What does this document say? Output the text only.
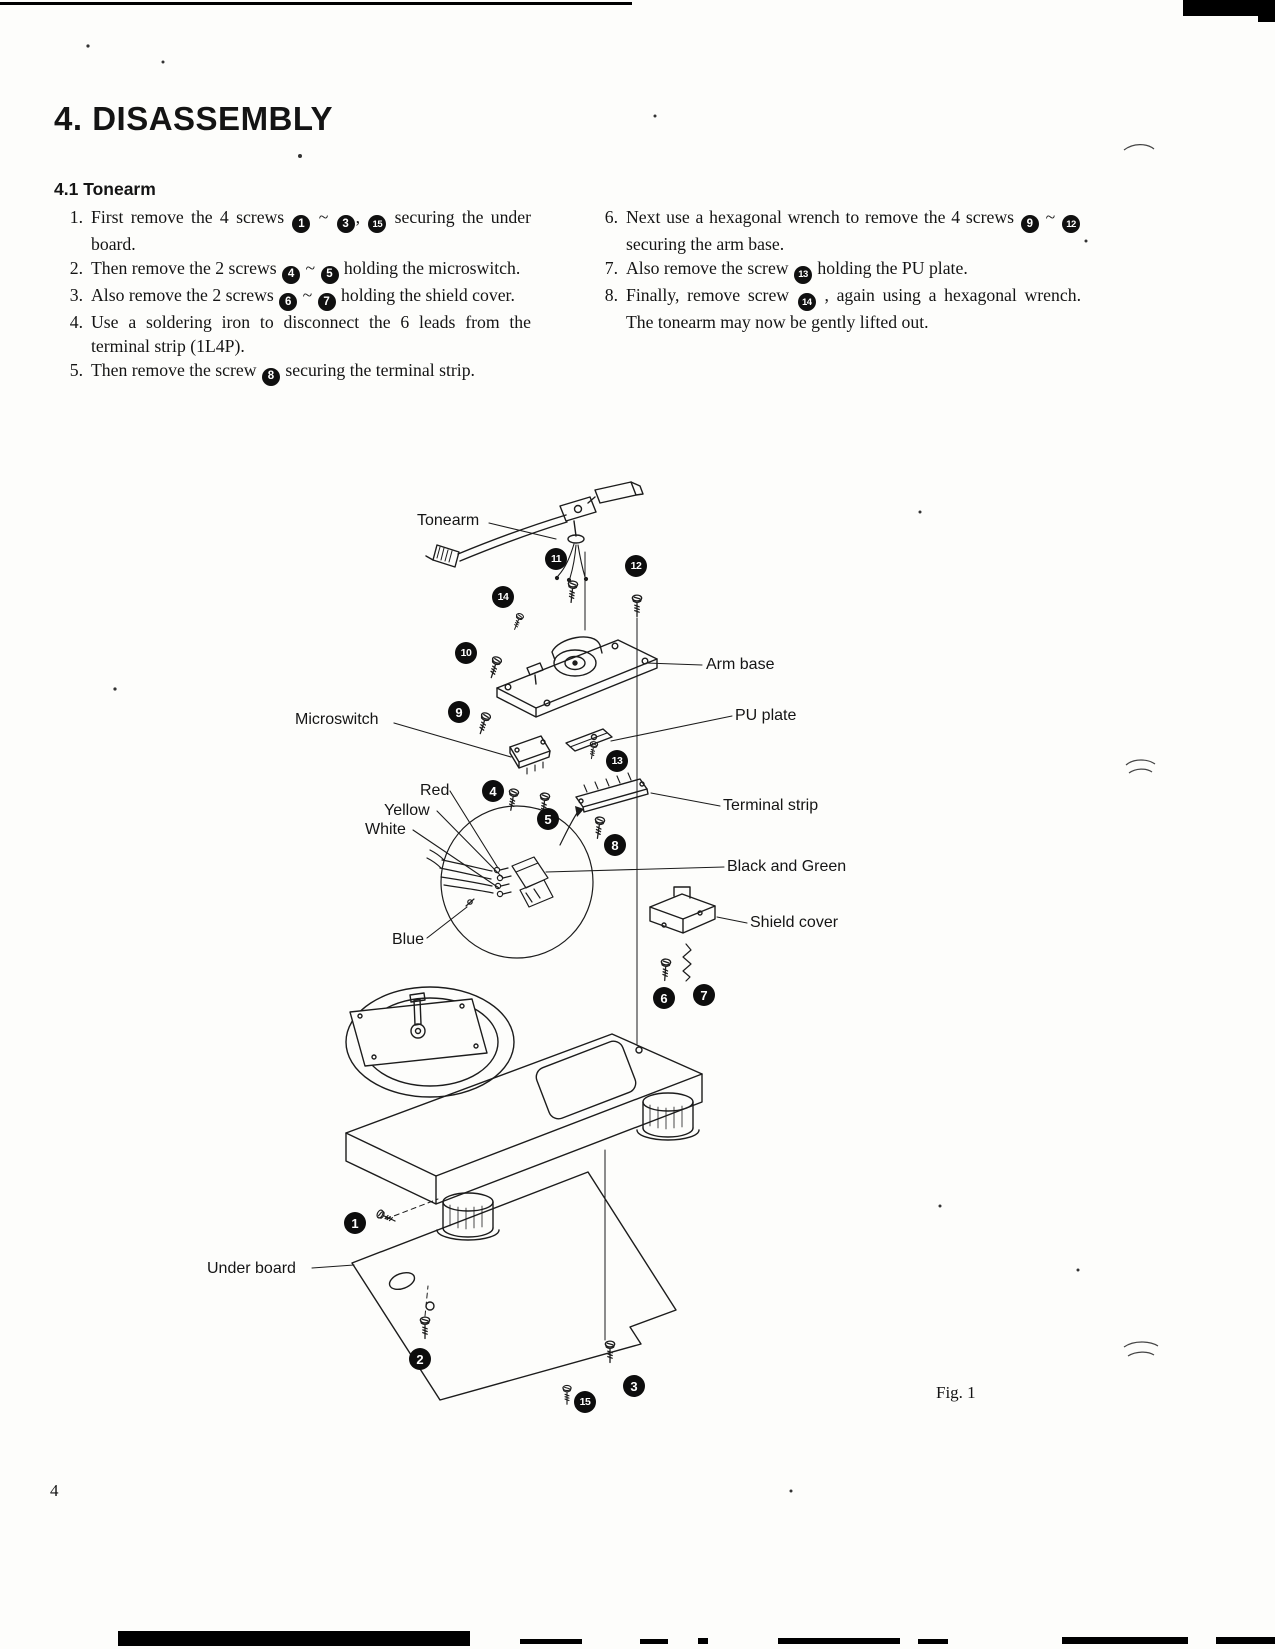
4. DISASSEMBLY
4.1 Tonearm
1. First remove the 4 screws 1 ~ 3 , 15 securing the under board.
2. Then remove the 2 screws 4 ~ 5 holding the microswitch.
3. Also remove the 2 screws 6 ~ 7 holding the shield cover.
4. Use a soldering iron to disconnect the 6 leads from the terminal strip (1L4P).
5. Then remove the screw 8 securing the terminal strip.
6. Next use a hexagonal wrench to remove the 4 screws 9 ~ 12 securing the arm base.
7. Also remove the screw 13 holding the PU plate.
8. Finally, remove screw 14 , again using a hexagonal wrench. The tonearm may now be gently lifted out.
Tonearm
Arm base
Microswitch	PU plate
Red
Yellow
White
Terminal strip
Black and Green
Shield cover
Blue
Under board
11
12
14
10
9
13
4
5
8
6	7
1
2
3
15	Fig. 1
4
